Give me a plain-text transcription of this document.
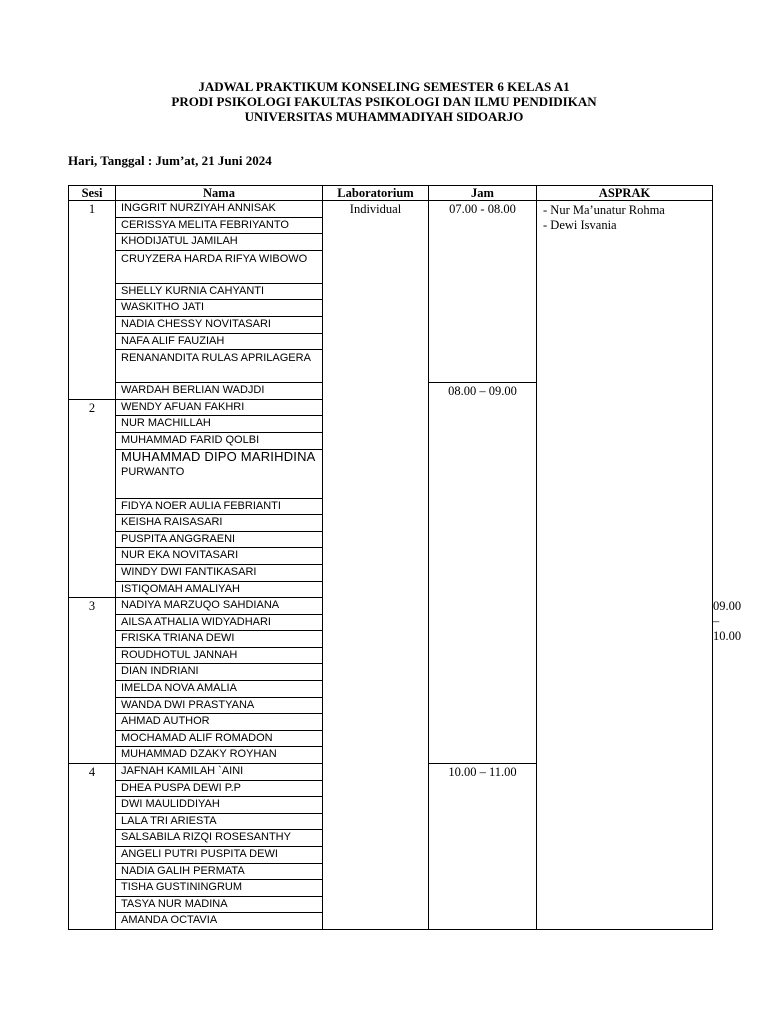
JADWAL PRAKTIKUM KONSELING SEMESTER 6 KELAS A1
PRODI PSIKOLOGI FAKULTAS PSIKOLOGI DAN ILMU PENDIDIKAN
UNIVERSITAS MUHAMMADIYAH SIDOARJO
Hari, Tanggal : Jum’at, 21 Juni 2024
Sesi	Nama	Laboratorium	Jam	ASPRAK	
1	INGGRIT NURZIYAH ANNISAK	Individual	07.00 - 08.00	- Nur Ma’unatur Rohma
- Dewi Isvania	

	CERISSYA MELITA FEBRIYANTO				
	KHODIJATUL JAMILAH				
	CRUYZERA HARDA RIFYA WIBOWO				
	SHELLY KURNIA CAHYANTI				
	WASKITHO JATI				
	NADIA CHESSY NOVITASARI				
	NAFA ALIF FAUZIAH				
	RENANANDITA RULAS APRILAGERA				
	WARDAH BERLIAN WADJDI		08.00 – 09.00		
2	WENDY AFUAN FAKHRI				
	NUR MACHILLAH				
	MUHAMMAD FARID QOLBI				
	MUHAMMAD DIPO MARIHDINA
PURWANTO				
	FIDYA NOER AULIA FEBRIANTI				
	KEISHA RAISASARI				
	PUSPITA ANGGRAENI				
	NUR EKA NOVITASARI				
	WINDY DWI FANTIKASARI				
	ISTIQOMAH AMALIYAH				
3	NADIYA MARZUQO SAHDIANA				09.00 – 10.00
	AILSA ATHALIA WIDYADHARI				
	FRISKA TRIANA DEWI				
	ROUDHOTUL JANNAH				
	DIAN INDRIANI				
	IMELDA NOVA AMALIA				
	WANDA DWI PRASTYANA				
	AHMAD AUTHOR				
	MOCHAMAD ALIF ROMADON				
	MUHAMMAD DZAKY ROYHAN				
4	JAFNAH KAMILAH `AINI		10.00 – 11.00		
	DHEA PUSPA DEWI P.P				
	DWI MAULIDDIYAH				
	LALA TRI ARIESTA				
	SALSABILA RIZQI ROSESANTHY				
	ANGELI PUTRI PUSPITA DEWI				
	NADIA GALIH PERMATA				
	TISHA GUSTININGRUM				
	TASYA NUR MADINA				
	AMANDA OCTAVIA				
